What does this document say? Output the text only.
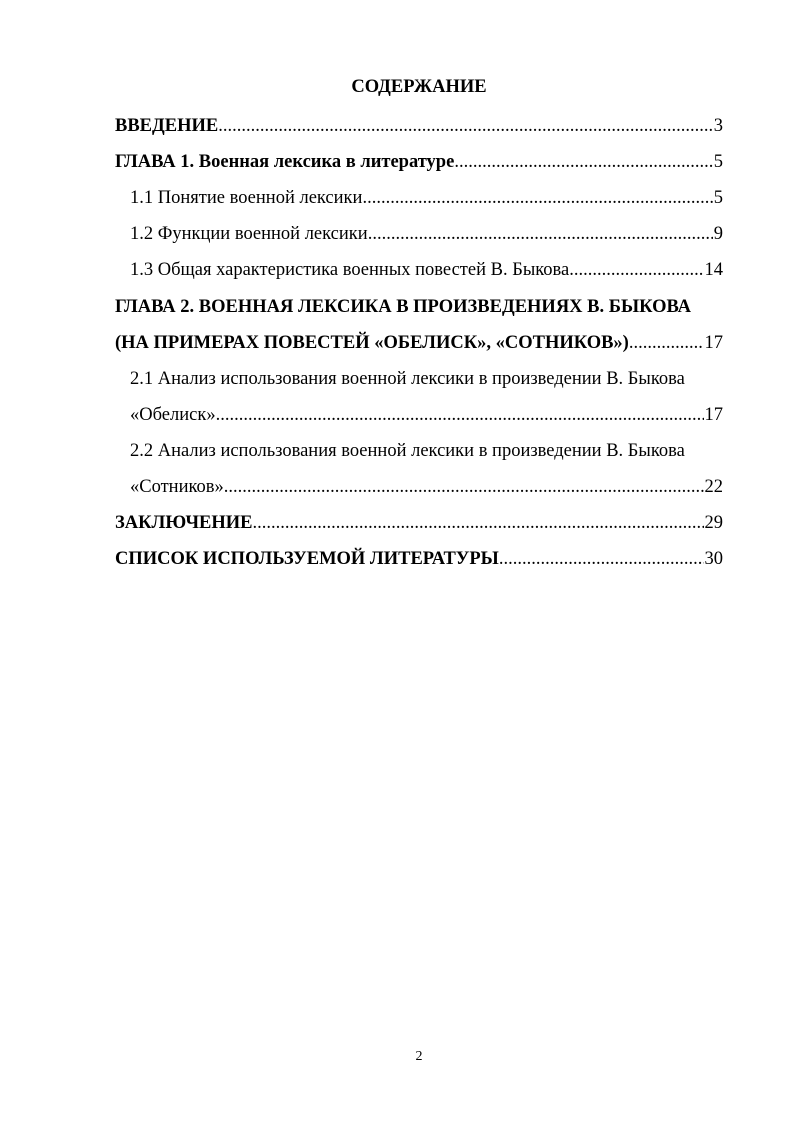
СОДЕРЖАНИЕ
ВВЕДЕНИЕ .....	3
ГЛАВА 1. Военная лексика в литературе .....	5
1.1 Понятие военной лексики .....	5
1.2 Функции военной лексики .....	9
1.3 Общая характеристика военных повестей В. Быкова .....	14
ГЛАВА 2. ВОЕННАЯ ЛЕКСИКА В ПРОИЗВЕДЕНИЯХ В. БЫКОВА
(НА ПРИМЕРАХ ПОВЕСТЕЙ «ОБЕЛИСК», «СОТНИКОВ») .....	17
2.1 Анализ использования военной лексики в произведении В. Быкова
«Обелиск» .....	17
2.2 Анализ использования военной лексики в произведении В. Быкова
«Сотников» .....	22
ЗАКЛЮЧЕНИЕ .....	29
СПИСОК ИСПОЛЬЗУЕМОЙ ЛИТЕРАТУРЫ .....	30
2
